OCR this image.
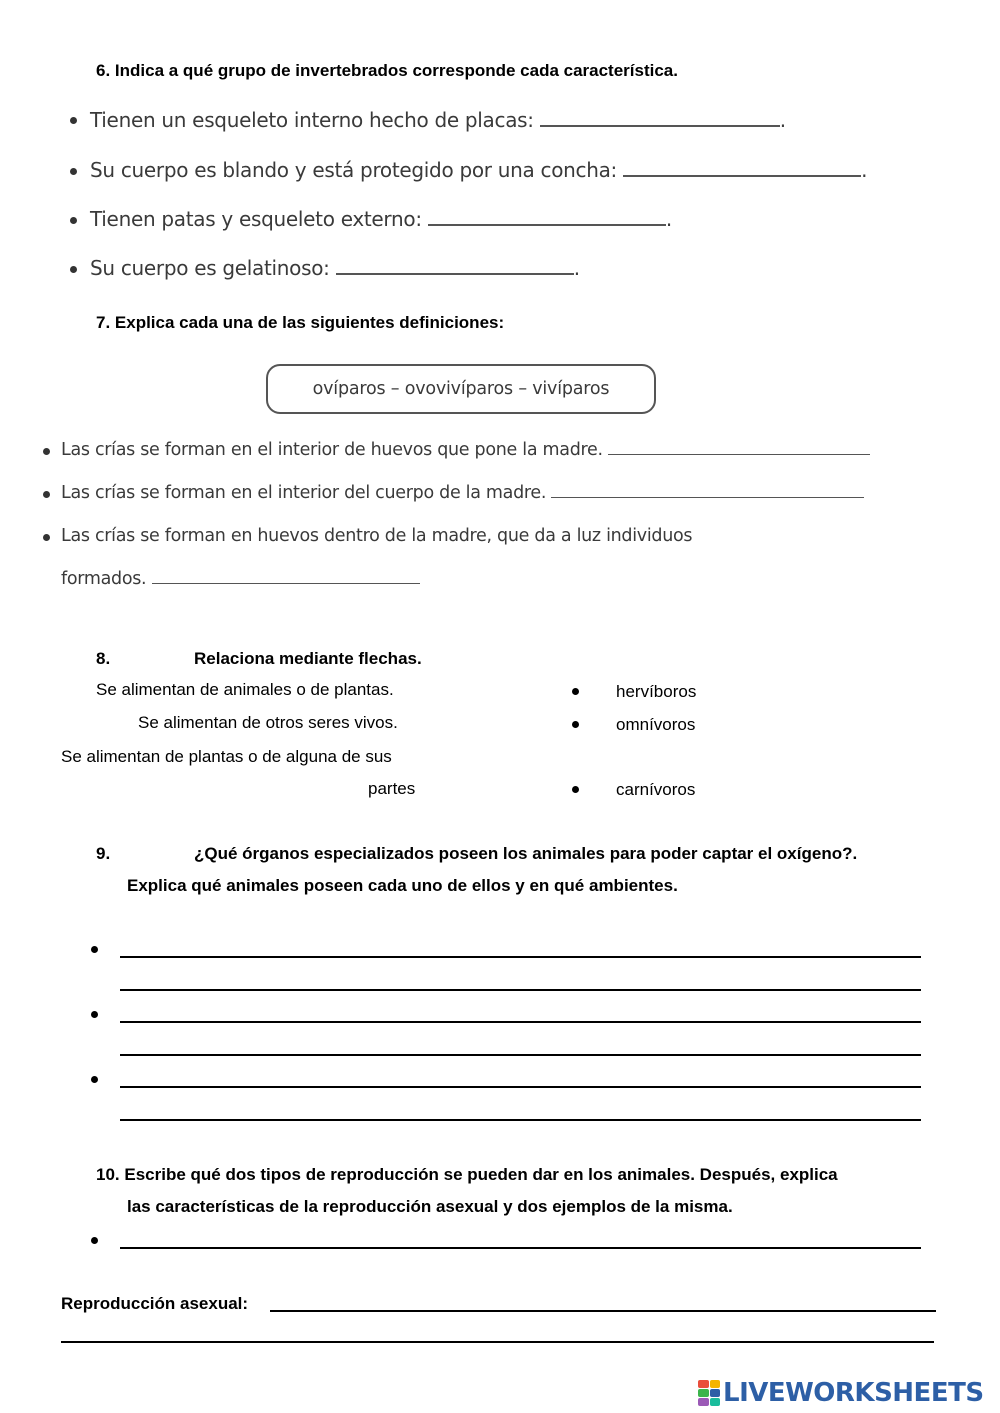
6. Indica a qué grupo de invertebrados corresponde cada característica.
Tienen un esqueleto interno hecho de placas:	.
Su cuerpo es blando y está protegido por una concha:	.
Tienen patas y esqueleto externo:	.
Su cuerpo es gelatinoso:	.
7. Explica cada una de las siguientes definiciones:
ovíparos – ovovivíparos – vivíparos
Las crías se forman en el interior de huevos que pone la madre.
Las crías se forman en el interior del cuerpo de la madre.
Las crías se forman en huevos dentro de la madre, que da a luz individuos
formados.
8.	Relaciona mediante flechas.
Se alimentan de animales o de plantas.
Se alimentan de otros seres vivos.
Se alimentan de plantas o de alguna de sus
partes
hervíboros
omnívoros
carnívoros
9.	¿Qué órganos especializados poseen los animales para poder captar el oxígeno?.
Explica qué animales poseen cada uno de ellos y en qué ambientes.
10. Escribe qué dos tipos de reproducción se pueden dar en los animales. Después, explica
las características de la reproducción asexual y dos ejemplos de la misma.
Reproducción asexual:
LIVEWORKSHEETS
